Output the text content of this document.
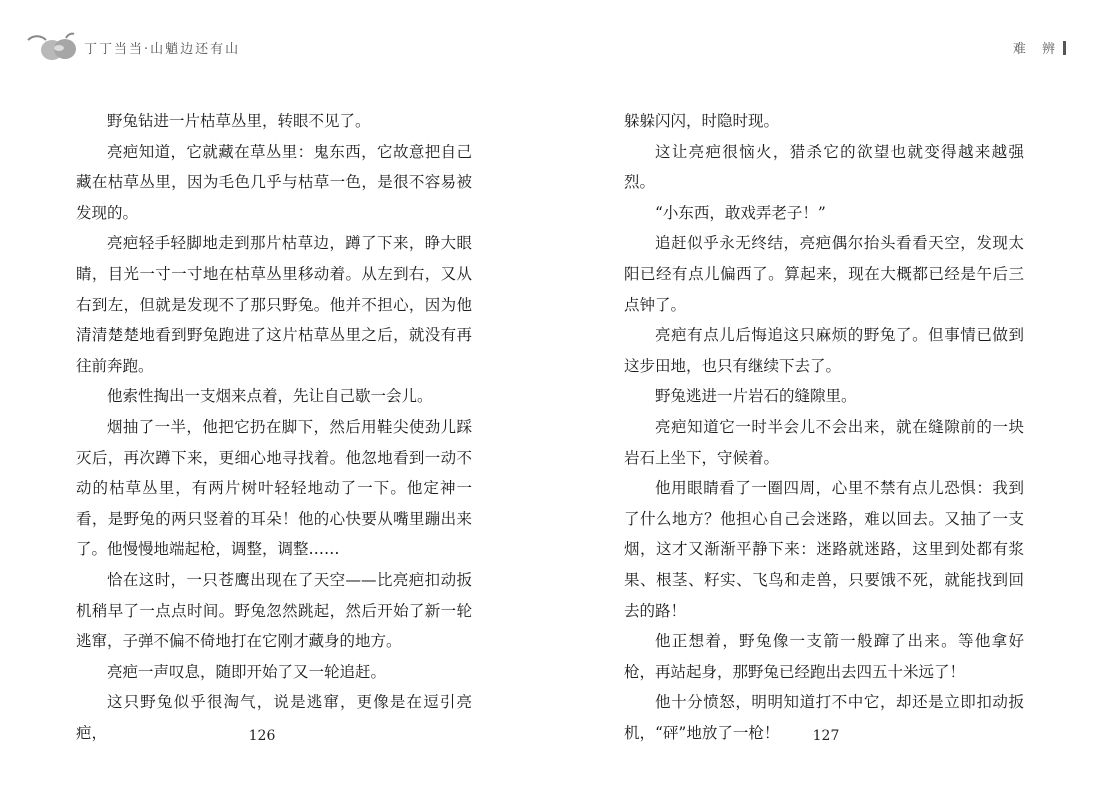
丁丁当当·山魈边还有山

野兔钻进一片枯草丛里，转眼不见了。

亮疤知道，它就藏在草丛里：鬼东西，它故意把自己藏在枯草丛里，因为毛色几乎与枯草一色，是很不容易被发现的。

亮疤轻手轻脚地走到那片枯草边，蹲了下来，睁大眼睛，目光一寸一寸地在枯草丛里移动着。从左到右，又从右到左，但就是发现不了那只野兔。他并不担心，因为他清清楚楚地看到野兔跑进了这片枯草丛里之后，就没有再往前奔跑。

他索性掏出一支烟来点着，先让自己歇一会儿。

烟抽了一半，他把它扔在脚下，然后用鞋尖使劲儿踩灭后，再次蹲下来，更细心地寻找着。他忽地看到一动不动的枯草丛里，有两片树叶轻轻地动了一下。他定神一看，是野兔的两只竖着的耳朵！他的心快要从嘴里蹦出来了。他慢慢地端起枪，调整，调整……

恰在这时，一只苍鹰出现在了天空——比亮疤扣动扳机稍早了一点点时间。野兔忽然跳起，然后开始了新一轮逃窜，子弹不偏不倚地打在它刚才藏身的地方。

亮疤一声叹息，随即开始了又一轮追赶。

这只野兔似乎很淘气，说是逃窜，更像是在逗引亮疤，	126
难 辨

躲躲闪闪，时隐时现。

这让亮疤很恼火，猎杀它的欲望也就变得越来越强烈。

“小东西，敢戏弄老子！”

追赶似乎永无终结，亮疤偶尔抬头看看天空，发现太阳已经有点儿偏西了。算起来，现在大概都已经是午后三点钟了。

亮疤有点儿后悔追这只麻烦的野兔了。但事情已做到这步田地，也只有继续下去了。

野兔逃进一片岩石的缝隙里。

亮疤知道它一时半会儿不会出来，就在缝隙前的一块岩石上坐下，守候着。

他用眼睛看了一圈四周，心里不禁有点儿恐惧：我到了什么地方？他担心自己会迷路，难以回去。又抽了一支烟，这才又渐渐平静下来：迷路就迷路，这里到处都有浆果、根茎、籽实、飞鸟和走兽，只要饿不死，就能找到回去的路！

他正想着，野兔像一支箭一般蹿了出来。等他拿好枪，再站起身，那野兔已经跑出去四五十米远了！

他十分愤怒，明明知道打不中它，却还是立即扣动扳机，“砰”地放了一枪！	127
